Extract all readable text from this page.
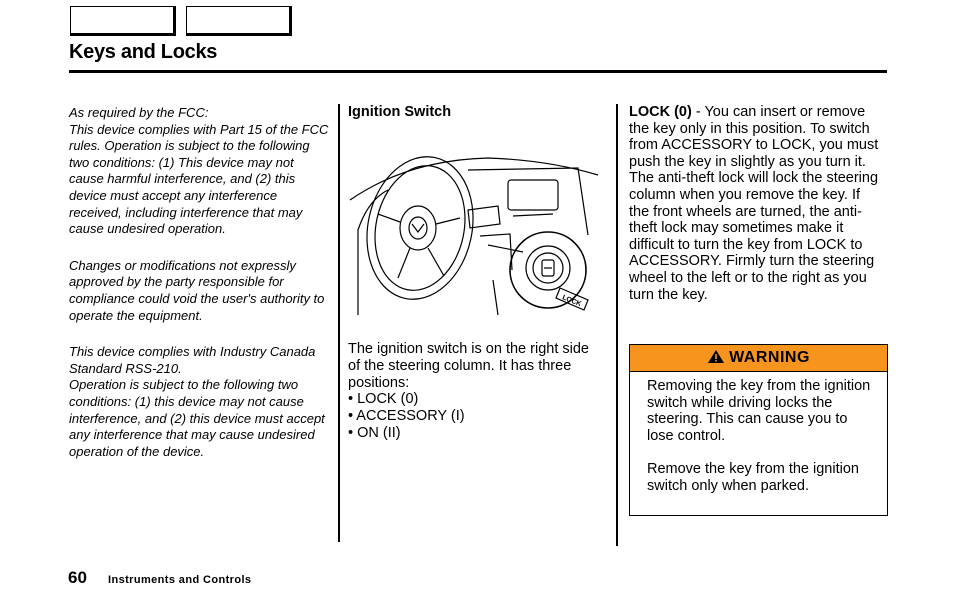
Keys and Locks

As required by the FCC:
This device complies with Part 15 of the FCC rules. Operation is subject to the following two conditions: (1) This device may not cause harmful interference, and (2) this device must accept any interference received, including interference that may cause undesired operation.

Changes or modifications not expressly approved by the party responsible for compliance could void the user's authority to operate the equipment.

This device complies with Industry Canada Standard RSS-210.
Operation is subject to the following two conditions: (1) this device may not cause interference, and (2) this device must accept any interference that may cause undesired operation of the device.

Ignition Switch
LOCK
The ignition switch is on the right side of the steering column. It has three positions:
• LOCK (0)
• ACCESSORY (I)
• ON (II)
LOCK (0) - You can insert or remove the key only in this position. To switch from ACCESSORY to LOCK, you must push the key in slightly as you turn it. The anti-theft lock will lock the steering column when you remove the key. If the front wheels are turned, the anti-theft lock may sometimes make it difficult to turn the key from LOCK to ACCESSORY. Firmly turn the steering wheel to the left or to the right as you turn the key.
WARNING

Removing the key from the ignition switch while driving locks the steering. This can cause you to lose control.

Remove the key from the ignition switch only when parked.

60 Instruments and Controls
